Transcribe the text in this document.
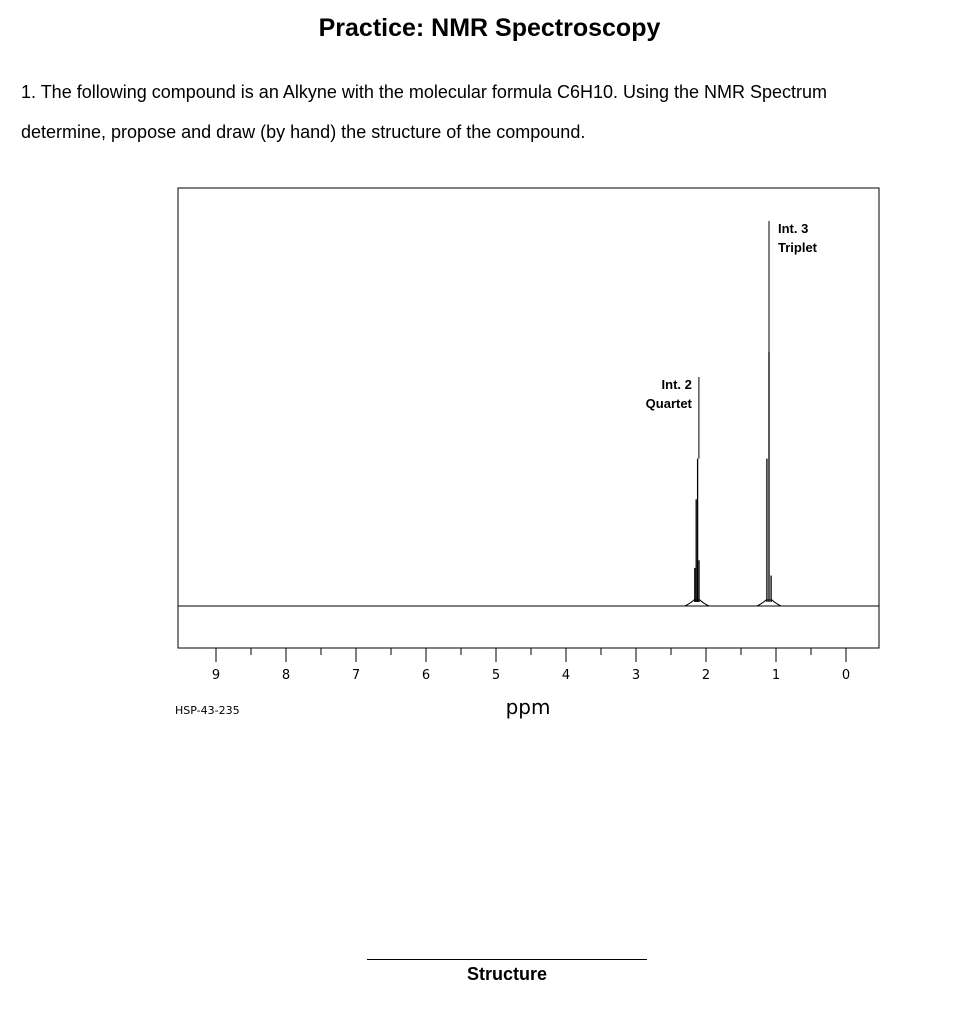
Practice: NMR Spectroscopy
1. The following compound is an Alkyne with the molecular formula C6H10. Using the NMR Spectrum
determine, propose and draw (by hand) the structure of the compound.
9	8	7	6	5	4	3	2	1	0
Int. 2
Quartet
Int. 3
Triplet
HSP-43-235	ppm
Structure
